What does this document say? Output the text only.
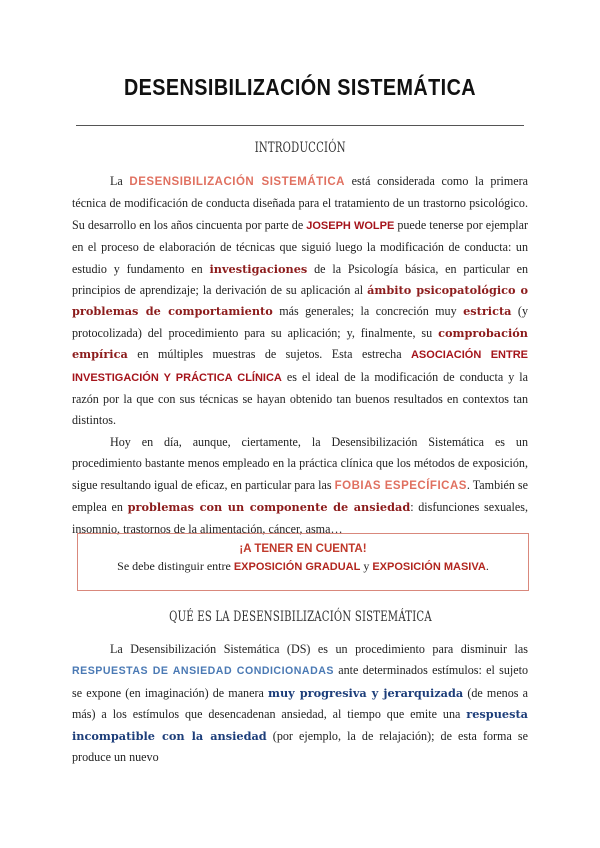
DESENSIBILIZACIÓN SISTEMÁTICA
INTRODUCCIÓN

La DESENSIBILIZACIÓN SISTEMÁTICA está considerada como la primera técnica de modificación de conducta diseñada para el tratamiento de un trastorno psicológico. Su desarrollo en los años cincuenta por parte de JOSEPH WOLPE puede tenerse por ejemplar en el proceso de elaboración de técnicas que siguió luego la modificación de conducta: un estudio y fundamento en investigaciones de la Psicología básica, en particular en principios de aprendizaje; la derivación de su aplicación al ámbito psicopatológico o problemas de comportamiento más generales; la concreción muy estricta (y protocolizada) del procedimiento para su aplicación; y, finalmente, su comprobación empírica en múltiples muestras de sujetos. Esta estrecha ASOCIACIÓN ENTRE INVESTIGACIÓN Y PRÁCTICA CLÍNICA es el ideal de la modificación de conducta y la razón por la que con sus técnicas se hayan obtenido tan buenos resultados en contextos tan distintos.

Hoy en día, aunque, ciertamente, la Desensibilización Sistemática es un procedimiento bastante menos empleado en la práctica clínica que los métodos de exposición, sigue resultando igual de eficaz, en particular para las FOBIAS ESPECÍFICAS. También se emplea en problemas con un componente de ansiedad: disfunciones sexuales, insomnio, trastornos de la alimentación, cáncer, asma…

¡A TENER EN CUENTA!
Se debe distinguir entre EXPOSICIÓN GRADUAL y EXPOSICIÓN MASIVA.
QUÉ ES LA DESENSIBILIZACIÓN SISTEMÁTICA

La Desensibilización Sistemática (DS) es un procedimiento para disminuir las RESPUESTAS DE ANSIEDAD CONDICIONADAS ante determinados estímulos: el sujeto se expone (en imaginación) de manera muy progresiva y jerarquizada (de menos a más) a los estímulos que desencadenan ansiedad, al tiempo que emite una respuesta incompatible con la ansiedad (por ejemplo, la de relajación); de esta forma se produce un nuevo
